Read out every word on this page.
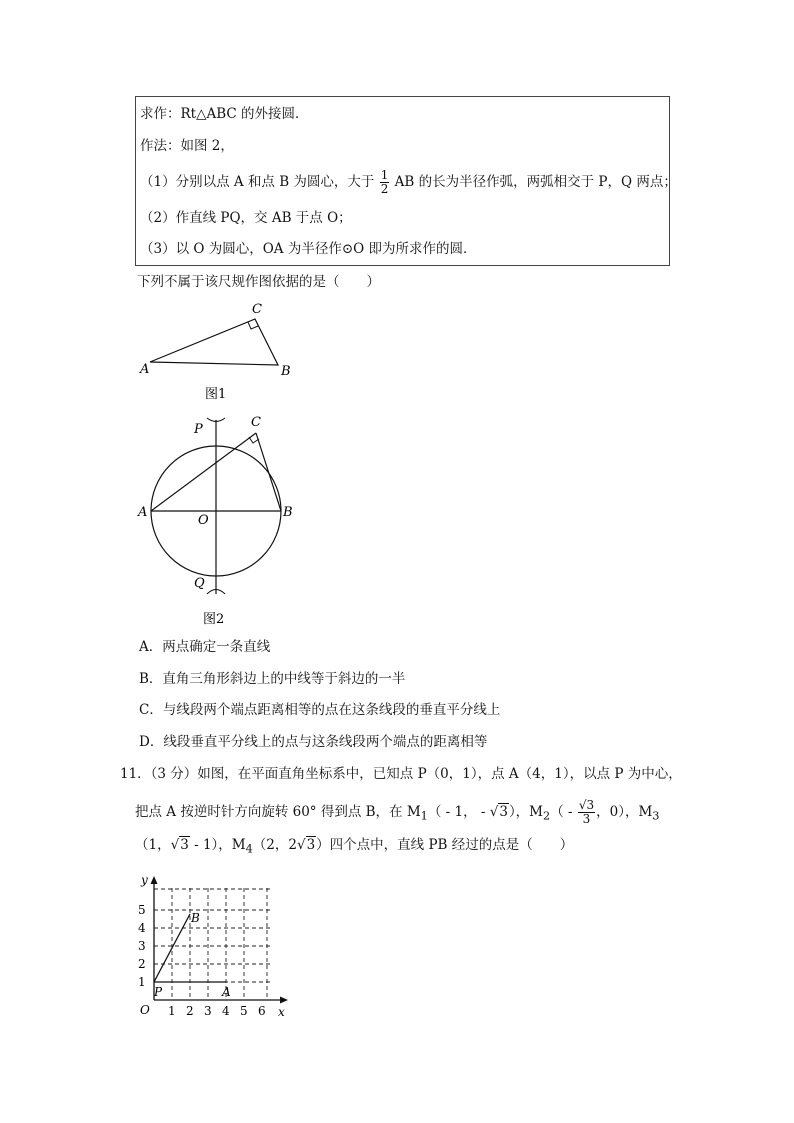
求作：Rt△ABC 的外接圆．
作法：如图 2，
（1）分别以点 A 和点 B 为圆心，大于 $\frac{1}{2}$ AB 的长为半径作弧，两弧相交于 P，Q 两点；
（2）作直线 PQ，交 AB 于点 O；
（3）以 O 为圆心，OA 为半径作⊙O 即为所求作的圆．
下列不属于该尺规作图依据的是（　　）
A
C
B
图1
P	C
A
O
B
Q
图2
A．两点确定一条直线
B．直角三角形斜边上的中线等于斜边的一半
C．与线段两个端点距离相等的点在这条线段的垂直平分线上
D．线段垂直平分线上的点与这条线段两个端点的距离相等
11．（3 分）如图，在平面直角坐标系中，已知点 P（0，1），点 A（4，1），以点 P 为中心，
把点 A 按逆时针方向旋转 60° 得到点 B，在 $M_1( - 1$， - √3），$M_2( - \frac{√3}{3}$ ，0），$M_3$
（1，√3 - 1），$M_4(2$，2√3）四个点中，直线 PB 经过的点是（　　）
y
x
O 1 2 3 4 5 6
1
2
3
4
5
P	A
B
